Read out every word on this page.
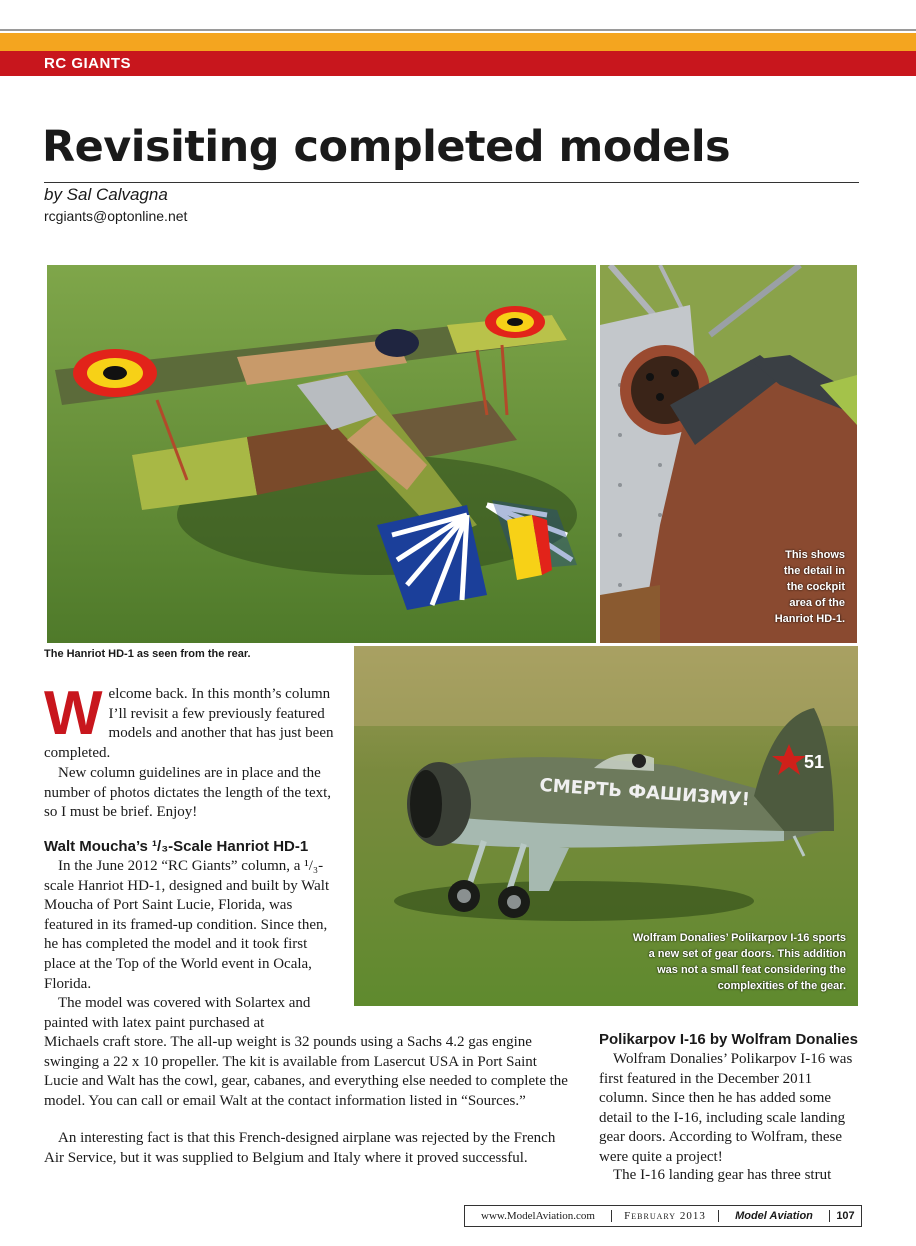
RC GIANTS
Revisiting completed models
by Sal Calvagna
rcgiants@optonline.net
This shows
the detail in
the cockpit
area of the
Hanriot HD-1.
The Hanriot HD-1 as seen from the rear.
51
СМЕРТЬ ФАШИЗМУ!
Wolfram Donalies’ Polikarpov I-16 sports
a new set of gear doors. This addition
was not a small feat considering the
complexities of the gear.
Welcome back. In this month’s column I’ll revisit a few previously featured models and another that has just been completed.
New column guidelines are in place and the number of photos dictates the length of the text, so I must be brief. Enjoy!
Walt Moucha’s ¹/₃-Scale Hanriot HD-1
In the June 2012 “RC Giants” column, a ¹/₃-scale Hanriot HD-1, designed and built by Walt Moucha of Port Saint Lucie, Florida, was featured in its framed-up condition. Since then, he has completed the model and it took first place at the Top of the World event in Ocala, Florida.
The model was covered with Solartex and painted with latex paint purchased at
Michaels craft store. The all-up weight is 32 pounds using a Sachs 4.2 gas engine swinging a 22 x 10 propeller. The kit is available from Lasercut USA in Port Saint Lucie and Walt has the cowl, gear, cabanes, and everything else needed to complete the model. You can call or email Walt at the contact information listed in “Sources.”
An interesting fact is that this French-designed airplane was rejected by the French Air Service, but it was supplied to Belgium and Italy where it proved successful.
Polikarpov I-16 by Wolfram Donalies
Wolfram Donalies’ Polikarpov I-16 was first featured in the December 2011 column. Since then he has added some detail to the I-16, including scale landing gear doors. According to Wolfram, these were quite a project!
The I-16 landing gear has three strut
www.ModelAviation.com	February 2013	Model Aviation	107
